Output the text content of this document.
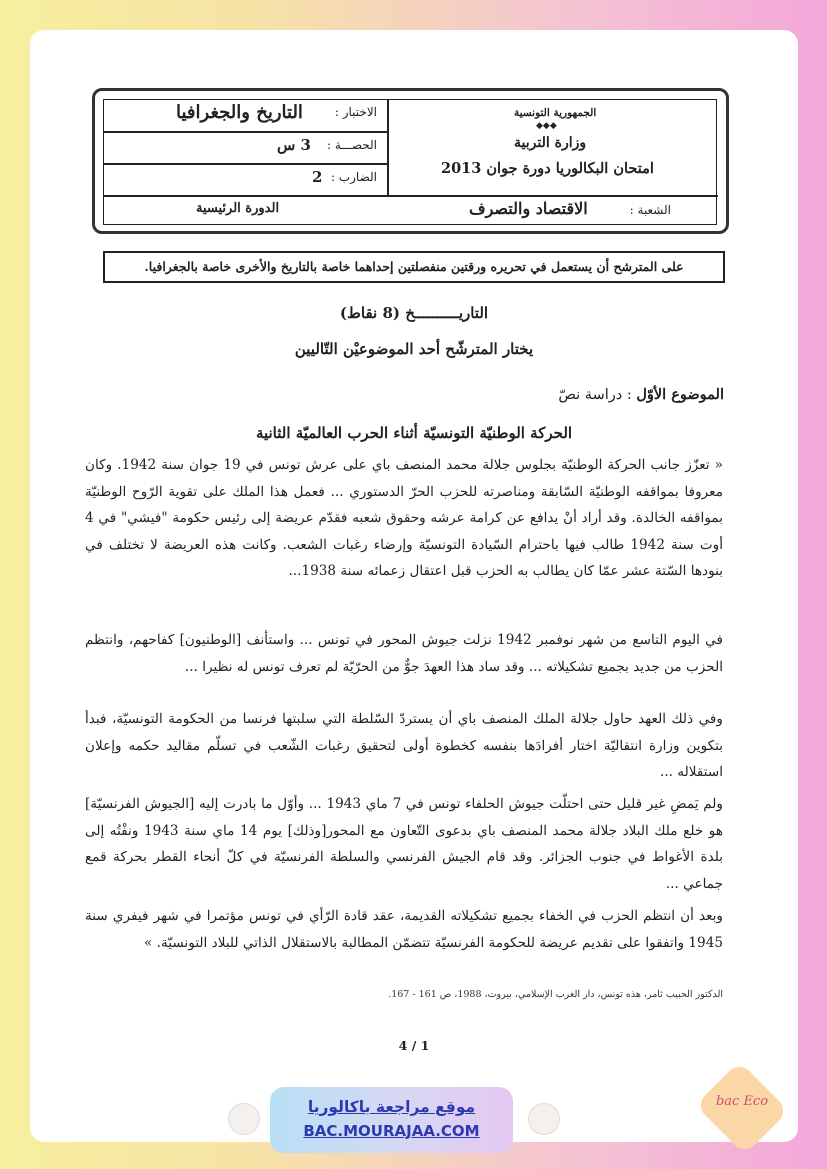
الاختبار :
التاريخ والجغرافيا
الحصـــة :
3 س
الضارب :
2
الدورة الرئيسية
الجمهورية التونسية
◆◆◆
وزارة التربية
امتحان البكالوريا دورة جوان 2013
الشعبة :
الاقتصاد والتصرف
على المترشح أن يستعمل في تحريره ورقتين منفصلتين إحداهما خاصة بالتاريخ والأخرى خاصة بالجغرافيا.
التاريــــــــــخ (8 نقاط)
يختار المترشّح أحد الموضوعيْن التّاليين
الموضوع الأوّل : دراسة نصّ
الحركة الوطنيّة التونسيّة أثناء الحرب العالميّة الثانية
« تعزّز جانب الحركة الوطنيّة بجلوس جلالة محمد المنصف باي على عرش تونس في 19 جوان سنة 1942. وكان معروفا بمواقفه الوطنيّة السّابقة ومناصرته للحزب الحرّ الدستوري ... فعمل هذا الملك على تقوية الرّوح الوطنيّة بمواقفه الخالدة. وقد أراد أنْ يدافع عن كرامة عرشه وحقوق شعبه فقدّم عريضة إلى رئيس حكومة "فيشي" في 4 أوت سنة 1942 طالب فيها باحترام السّيادة التونسيّة وإرضاء رغبات الشعب. وكانت هذه العريضة لا تختلف في بنودها السّتة عشر عمّا كان يطالب به الحزب قبل اعتقال زعمائه سنة 1938...
في اليوم التاسع من شهر نوفمبر 1942 نزلت جيوش المحور في تونس ... واستأنف [الوطنيون] كفاحهم، وانتظم الحزب من جديد بجميع تشكيلاته ... وقد ساد هذا العهدَ جوٌّ من الحرّيّة لم تعرف تونس له نظيرا ...
وفي ذلك العهد حاول جلالة الملك المنصف باي أن يستردّ السّلطة التي سلبتها فرنسا من الحكومة التونسيّة، فبدأ بتكوين وزارة انتقاليّة اختار أفرادَها بنفسه كخطوة أولى لتحقيق رغبات الشّعب في تسلّم مقاليد حكمه وإعلان استقلاله ...
ولم يَمضِ غير قليل حتى احتلّت جيوش الحلفاء تونس في 7 ماي 1943 ... وأوّل ما بادرت إليه [الجيوش الفرنسيّة] هو خلع ملك البلاد جلالة محمد المنصف باي بدعوى التّعاون مع المحور[وذلك] يوم 14 ماي سنة 1943 ونفْتُه إلى بلدة الأغواط في جنوب الجزائر. وقد قام الجيش الفرنسي والسلطة الفرنسيّة في كلّ أنحاء القطر بحركة قمع جماعي ...
وبعد أن انتظم الحزب في الخفاء بجميع تشكيلاته القديمة، عقد قادة الرّأي في تونس مؤتمرا في شهر فيفري سنة 1945 واتفقوا على تقديم عريضة للحكومة الفرنسيّة تتضمّن المطالبة بالاستقلال الذاتي للبلاد التونسيّة. »
الدكتور الحبيب ثامر، هذه تونس، دار الغرب الإسلامي، بيروت، 1988، ص 161 - 167.
4 / 1
موقع مراجعة باكالوريا
BAC.MOURAJAA.COM
bac Eco
